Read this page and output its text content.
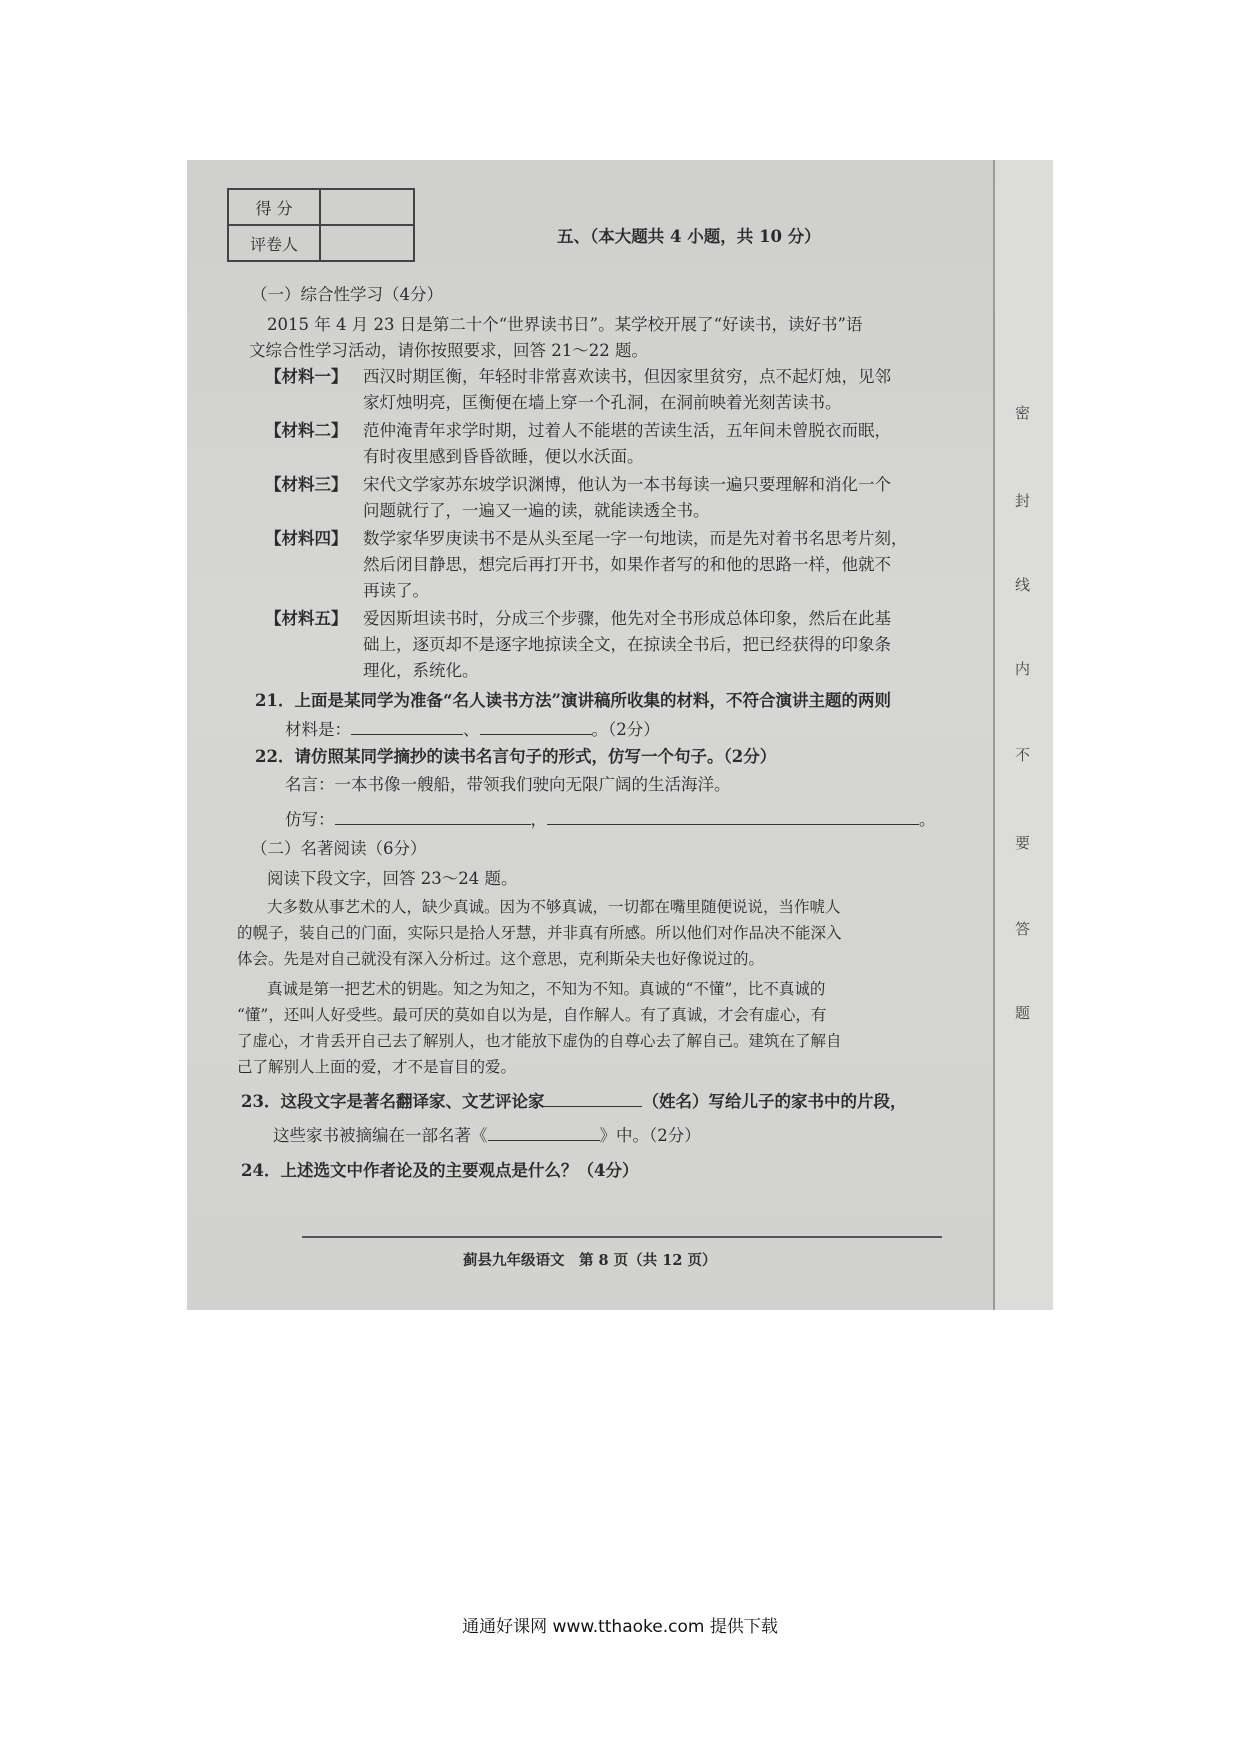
得 分	
评卷人		五、（本大题共 4 小题，共 10 分）
（一）综合性学习（4分）
2015 年 4 月 23 日是第二十个“世界读书日”。某学校开展了“好读书，读好书”语
文综合性学习活动，请你按照要求，回答 21～22 题。
【材料一】 西汉时期匡衡，年轻时非常喜欢读书，但因家里贫穷，点不起灯烛，见邻
家灯烛明亮，匡衡便在墙上穿一个孔洞，在洞前映着光刻苦读书。
【材料二】 范仲淹青年求学时期，过着人不能堪的苦读生活，五年间未曾脱衣而眠，
有时夜里感到昏昏欲睡，便以水沃面。
【材料三】 宋代文学家苏东坡学识渊博，他认为一本书每读一遍只要理解和消化一个
问题就行了，一遍又一遍的读，就能读透全书。
【材料四】 数学家华罗庚读书不是从头至尾一字一句地读，而是先对着书名思考片刻，
然后闭目静思，想完后再打开书，如果作者写的和他的思路一样，他就不
再读了。
【材料五】 爱因斯坦读书时，分成三个步骤，他先对全书形成总体印象，然后在此基
础上，逐页却不是逐字地掠读全文，在掠读全书后，把已经获得的印象条
理化，系统化。
21．上面是某同学为准备“名人读书方法”演讲稿所收集的材料，不符合演讲主题的两则
材料是：	、	。（2分）
22．请仿照某同学摘抄的读书名言句子的形式，仿写一个句子。（2分）
名言：一本书像一艘船，带领我们驶向无限广阔的生活海洋。
仿写：	，	。
（二）名著阅读（6分）
阅读下段文字，回答 23～24 题。
大多数从事艺术的人，缺少真诚。因为不够真诚，一切都在嘴里随便说说，当作唬人
的幌子，装自己的门面，实际只是拾人牙慧，并非真有所感。所以他们对作品决不能深入
体会。先是对自己就没有深入分析过。这个意思，克利斯朵夫也好像说过的。
真诚是第一把艺术的钥匙。知之为知之，不知为不知。真诚的“不懂”，比不真诚的
“懂”，还叫人好受些。最可厌的莫如自以为是，自作解人。有了真诚，才会有虚心，有
了虚心，才肯丢开自己去了解别人，也才能放下虚伪的自尊心去了解自己。建筑在了解自
己了解别人上面的爱，才不是盲目的爱。
23．这段文字是著名翻译家、文艺评论家	（姓名）写给儿子的家书中的片段，
这些家书被摘编在一部名著《	》中。（2分）
24．上述选文中作者论及的主要观点是什么？（4分）
蓟县九年级语文　第 8 页（共 12 页）
密
封
线
内
不
要
答
题
通通好课网 www.tthaoke.com 提供下载
